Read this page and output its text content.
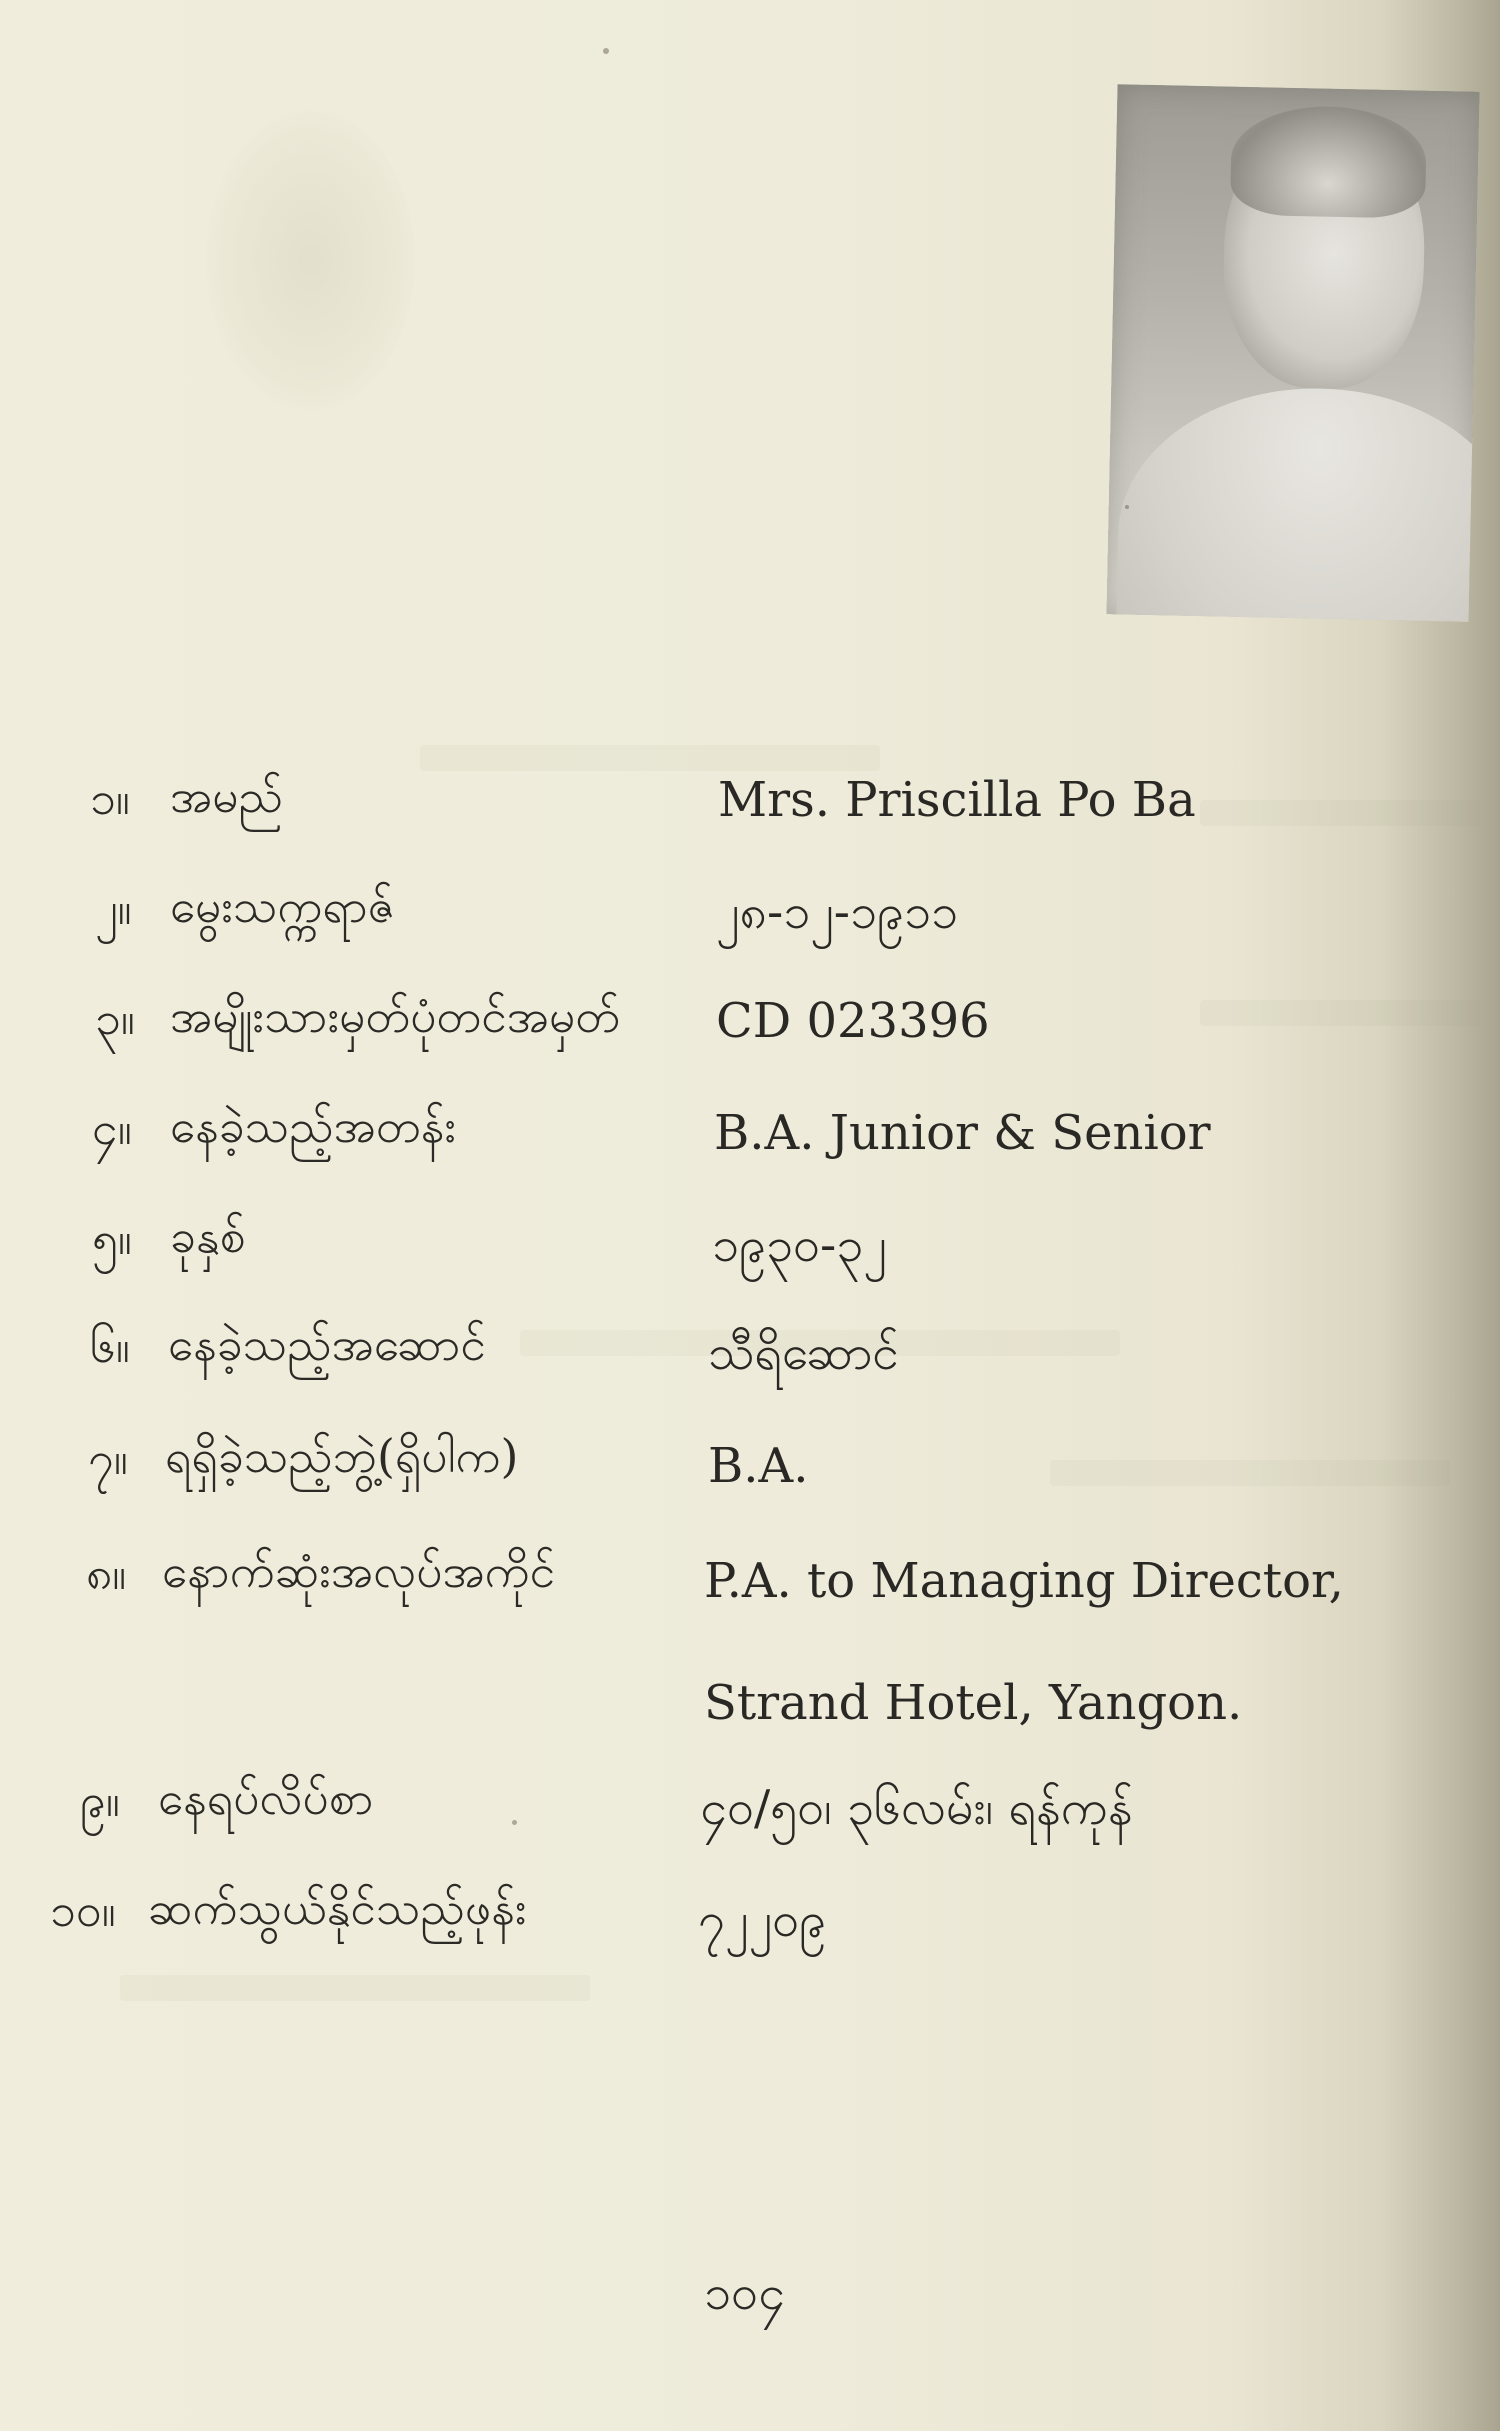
၁။ အမည်	Mrs. Priscilla Po Ba
၂။ မွေးသက္ကရာဇ်	၂၈-၁၂-၁၉၁၁
၃။ အမျိုးသားမှတ်ပုံတင်အမှတ် CD 023396
၄။ နေခဲ့သည့်အတန်း	B.A. Junior & Senior
၅။ ခုနှစ်	၁၉၃၀-၃၂
၆။ နေခဲ့သည့်အဆောင်	သီရိဆောင်
၇။ ရရှိခဲ့သည့်ဘွဲ့(ရှိပါက)	B.A.
၈။ နောက်ဆုံးအလုပ်အကိုင်	P.A. to Managing Director,
Strand Hotel, Yangon.
၉။ နေရပ်လိပ်စာ	၄၀/၅၀၊ ၃၆လမ်း၊ ရန်ကုန်
၁၀။ ဆက်သွယ်နိုင်သည့်ဖုန်း	၇၂၂၀၉
၁၀၄
